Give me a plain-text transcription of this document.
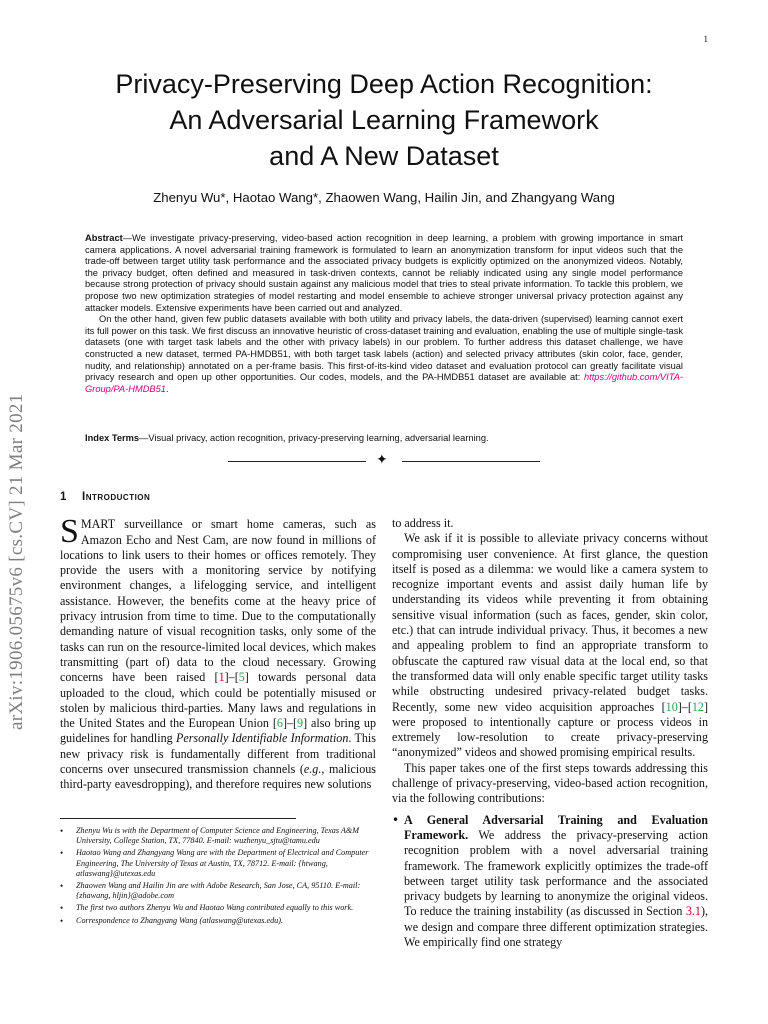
1
arXiv:1906.05675v6 [cs.CV] 21 Mar 2021
Privacy-Preserving Deep Action Recognition:
An Adversarial Learning Framework
and A New Dataset
Zhenyu Wu*, Haotao Wang*, Zhaowen Wang, Hailin Jin, and Zhangyang Wang

Abstract—We investigate privacy-preserving, video-based action recognition in deep learning, a problem with growing importance in smart camera applications. A novel adversarial training framework is formulated to learn an anonymization transform for input videos such that the trade-off between target utility task performance and the associated privacy budgets is explicitly optimized on the anonymized videos. Notably, the privacy budget, often defined and measured in task-driven contexts, cannot be reliably indicated using any single model performance because strong protection of privacy should sustain against any malicious model that tries to steal private information. To tackle this problem, we propose two new optimization strategies of model restarting and model ensemble to achieve stronger universal privacy protection against any attacker models. Extensive experiments have been carried out and analyzed.

On the other hand, given few public datasets available with both utility and privacy labels, the data-driven (supervised) learning cannot exert its full power on this task. We first discuss an innovative heuristic of cross-dataset training and evaluation, enabling the use of multiple single-task datasets (one with target task labels and the other with privacy labels) in our problem. To further address this dataset challenge, we have constructed a new dataset, termed PA-HMDB51, with both target task labels (action) and selected privacy attributes (skin color, face, gender, nudity, and relationship) annotated on a per-frame basis. This first-of-its-kind video dataset and evaluation protocol can greatly facilitate visual privacy research and open up other opportunities. Our codes, models, and the PA-HMDB51 dataset are available at: https://github.com/VITA-Group/PA-HMDB51.

Index Terms—Visual privacy, action recognition, privacy-preserving learning, adversarial learning.
✦
1 Introduction

SMART surveillance or smart home cameras, such as Amazon Echo and Nest Cam, are now found in millions of locations to link users to their homes or offices remotely. They provide the users with a monitoring service by notifying environment changes, a lifelogging service, and intelligent assistance. However, the benefits come at the heavy price of privacy intrusion from time to time. Due to the computationally demanding nature of visual recognition tasks, only some of the tasks can run on the resource-limited local devices, which makes transmitting (part of) data to the cloud necessary. Growing concerns have been raised [1]–[5] towards personal data uploaded to the cloud, which could be potentially misused or stolen by malicious third-parties. Many laws and regulations in the United States and the European Union [6]–[9] also bring up guidelines for handling Personally Identifiable Information. This new privacy risk is fundamentally different from traditional concerns over unsecured transmission channels (e.g., malicious third-party eavesdropping), and therefore requires new solutions

• Zhenyu Wu is with the Department of Computer Science and Engineering, Texas A&M University, College Station, TX, 77840. E-mail: wuzhenyu_sjtu@tamu.edu
• Haotao Wang and Zhangyang Wang are with the Department of Electrical and Computer Engineering, The University of Texas at Austin, TX, 78712. E-mail: {htwang, atlaswang}@utexas.edu
• Zhaowen Wang and Hailin Jin are with Adobe Research, San Jose, CA, 95110. E-mail: {zhawang, hljin}@adobe.com
• The first two authors Zhenyu Wu and Haotao Wang contributed equally to this work.
• Correspondence to Zhangyang Wang (atlaswang@utexas.edu).

to address it.

We ask if it is possible to alleviate privacy concerns without compromising user convenience. At first glance, the question itself is posed as a dilemma: we would like a camera system to recognize important events and assist daily human life by understanding its videos while preventing it from obtaining sensitive visual information (such as faces, gender, skin color, etc.) that can intrude individual privacy. Thus, it becomes a new and appealing problem to find an appropriate transform to obfuscate the captured raw visual data at the local end, so that the transformed data will only enable specific target utility tasks while obstructing undesired privacy-related budget tasks. Recently, some new video acquisition approaches [10]–[12] were proposed to intentionally capture or process videos in extremely low-resolution to create privacy-preserving “anonymized” videos and showed promising empirical results.

This paper takes one of the first steps towards addressing this challenge of privacy-preserving, video-based action recognition, via the following contributions:

• A General Adversarial Training and Evaluation Framework. We address the privacy-preserving action recognition problem with a novel adversarial training framework. The framework explicitly optimizes the trade-off between target utility task performance and the associated privacy budgets by learning to anonymize the original videos. To reduce the training instability (as discussed in Section 3.1), we design and compare three different optimization strategies. We empirically find one strategy
